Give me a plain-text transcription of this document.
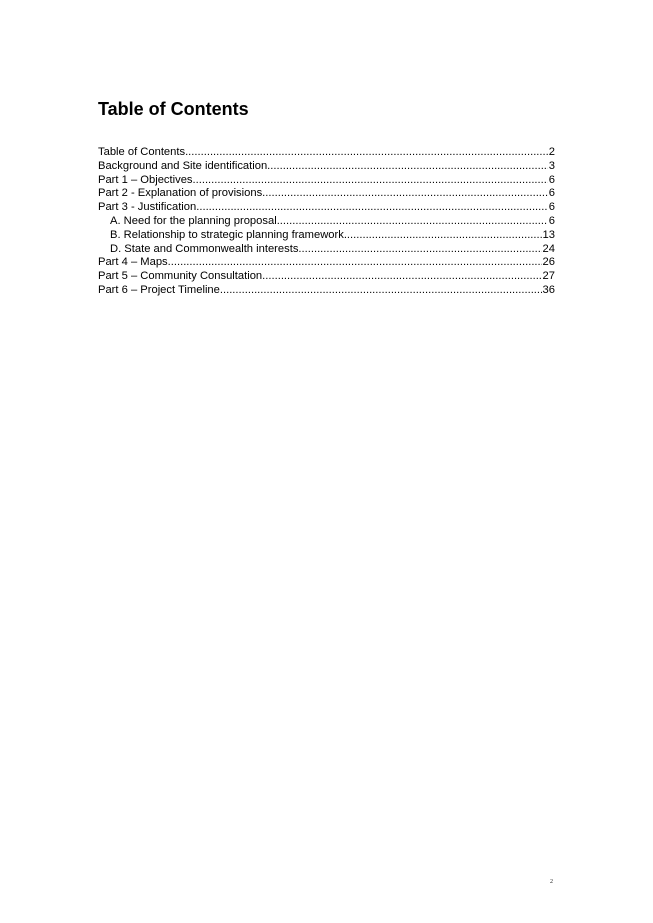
Table of Contents
Table of Contents .....	2
Background and Site identification .....	3
Part 1 – Objectives .....	6
Part 2 - Explanation of provisions .....	6
Part 3 - Justification .....	6
A. Need for the planning proposal .....	6
B. Relationship to strategic planning framework .....	13
D. State and Commonwealth interests .....	24
Part 4 – Maps .....	26
Part 5 – Community Consultation .....	27
Part 6 – Project Timeline .....	36
2
